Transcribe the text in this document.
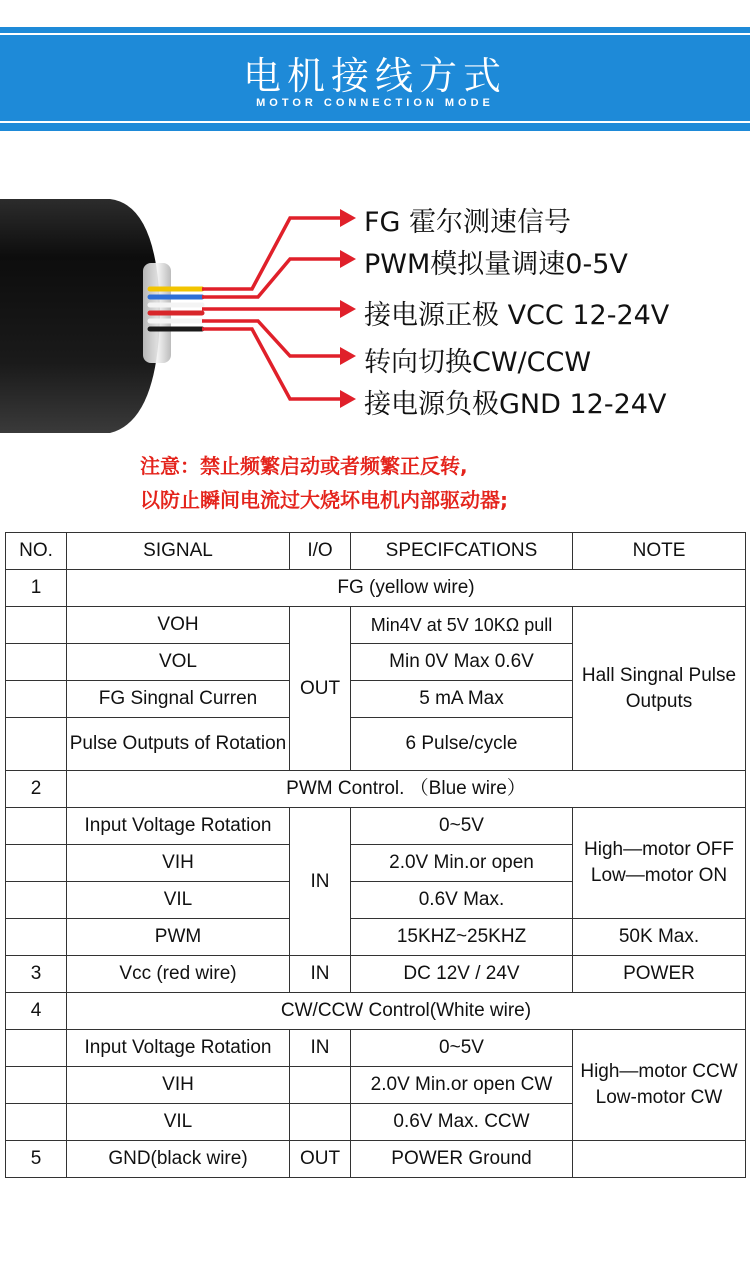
电机接线方式
MOTOR CONNECTION MODE
FG 霍尔测速信号
PWM模拟量调速0-5V
接电源正极 VCC 12-24V
转向切换CW/CCW
接电源负极GND 12-24V
注意：禁止频繁启动或者频繁正反转,
以防止瞬间电流过大烧坏电机内部驱动器;
NO.	SIGNAL	I/O	SPECIFCATIONS	NOTE
1	FG (yellow wire)			
	VOH	OUT	Min4V at 5V 10KΩ pull	Hall Singnal Pulse Outputs
	VOL		Min 0V Max 0.6V	
	FG Singnal Curren		5 mA Max	
	Pulse Outputs of Rotation		6 Pulse/cycle	
2	PWM Control. （Blue wire）			
	Input Voltage Rotation	IN	0~5V	High—motor OFF Low—motor ON
	VIH		2.0V Min.or open	
	VIL		0.6V Max.	
	PWM		15KHZ~25KHZ	50K Max.
3	Vcc (red wire)	IN	DC 12V / 24V	POWER
4	CW/CCW Control(White wire)			
	Input Voltage Rotation	IN	0~5V	High—motor CCW Low-motor CW
	VIH		2.0V Min.or open CW	
	VIL		0.6V Max. CCW	
5	GND(black wire)	OUT	POWER Ground	
